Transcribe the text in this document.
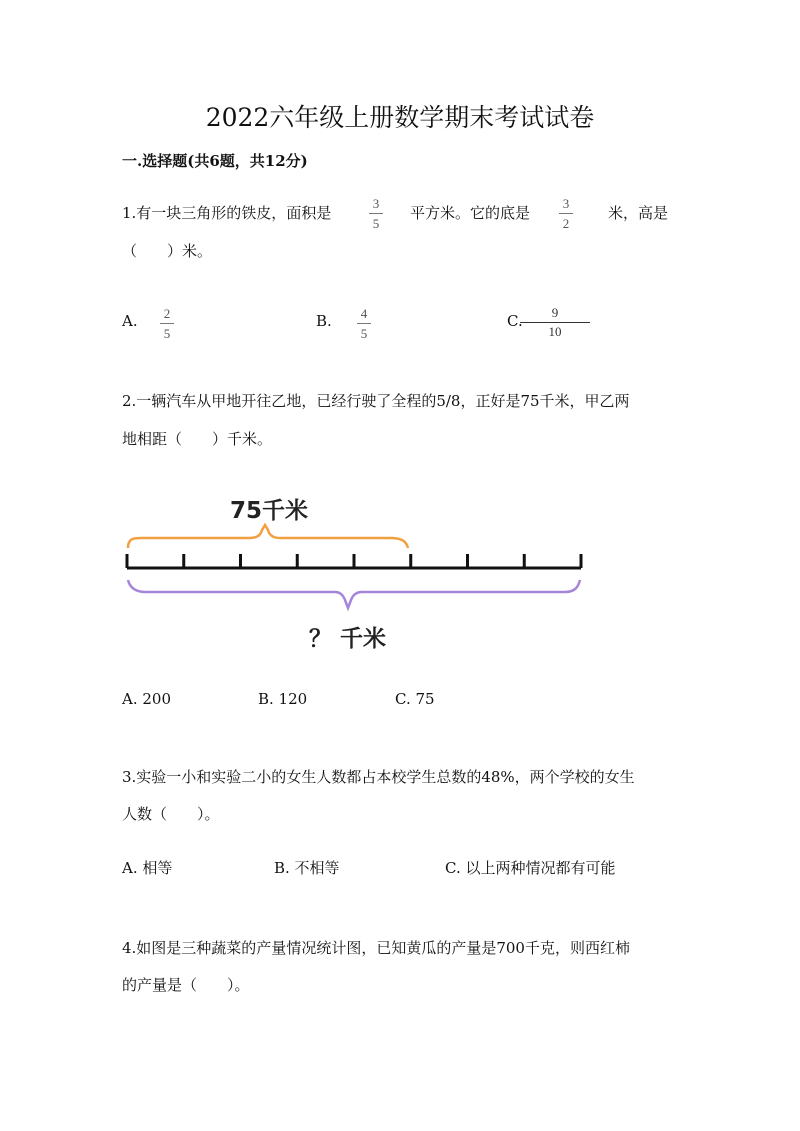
2022六年级上册数学期末考试试卷
一.选择题(共6题，共12分)
1.有一块三角形的铁皮，面积是
3
5
平方米。它的底是
3
2
米，高是
（　　）米。
A.	2
5
B.	4
5
C.	9
10
2.一辆汽车从甲地开往乙地，已经行驶了全程的5/8，正好是75千米，甲乙两
地相距（　　）千米。
75千米
？ 千米
A. 200	B. 120	C. 75
3.实验一小和实验二小的女生人数都占本校学生总数的48%，两个学校的女生
人数（　　）。
A. 相等	B. 不相等	C. 以上两种情况都有可能
4.如图是三种蔬菜的产量情况统计图，已知黄瓜的产量是700千克，则西红柿
的产量是（　　）。
